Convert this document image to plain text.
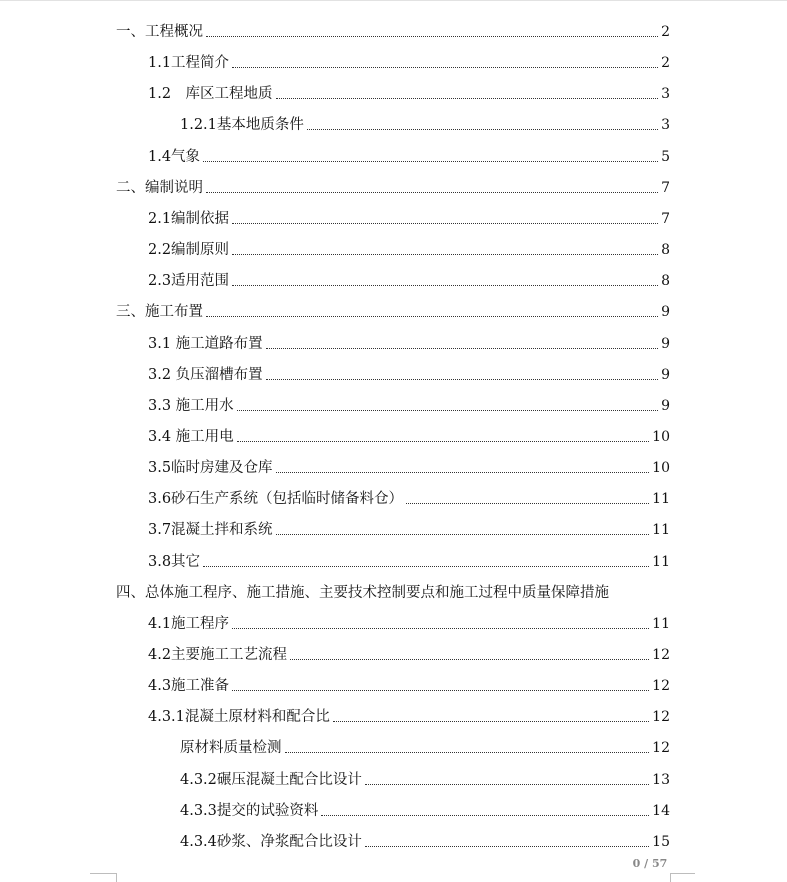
一、工程概况	2
1.1工程简介	2
1.2　库区工程地质	3
1.2.1基本地质条件	3
1.4气象	5
二、编制说明	7
2.1编制依据	7
2.2编制原则	8
2.3适用范围	8
三、施工布置	9
3.1 施工道路布置	9
3.2 负压溜槽布置	9
3.3 施工用水	9
3.4 施工用电	10
3.5临时房建及仓库	10
3.6砂石生产系统（包括临时储备料仓）	11
3.7混凝土拌和系统	11
3.8其它	11
四、总体施工程序、施工措施、主要技术控制要点和施工过程中质量保障措施
4.1施工程序	11
4.2主要施工工艺流程	12
4.3施工准备	12
4.3.1混凝土原材料和配合比	12
原材料质量检测	12
4.3.2碾压混凝土配合比设计	13
4.3.3提交的试验资料	14
4.3.4砂浆、净浆配合比设计	15
0 / 57
